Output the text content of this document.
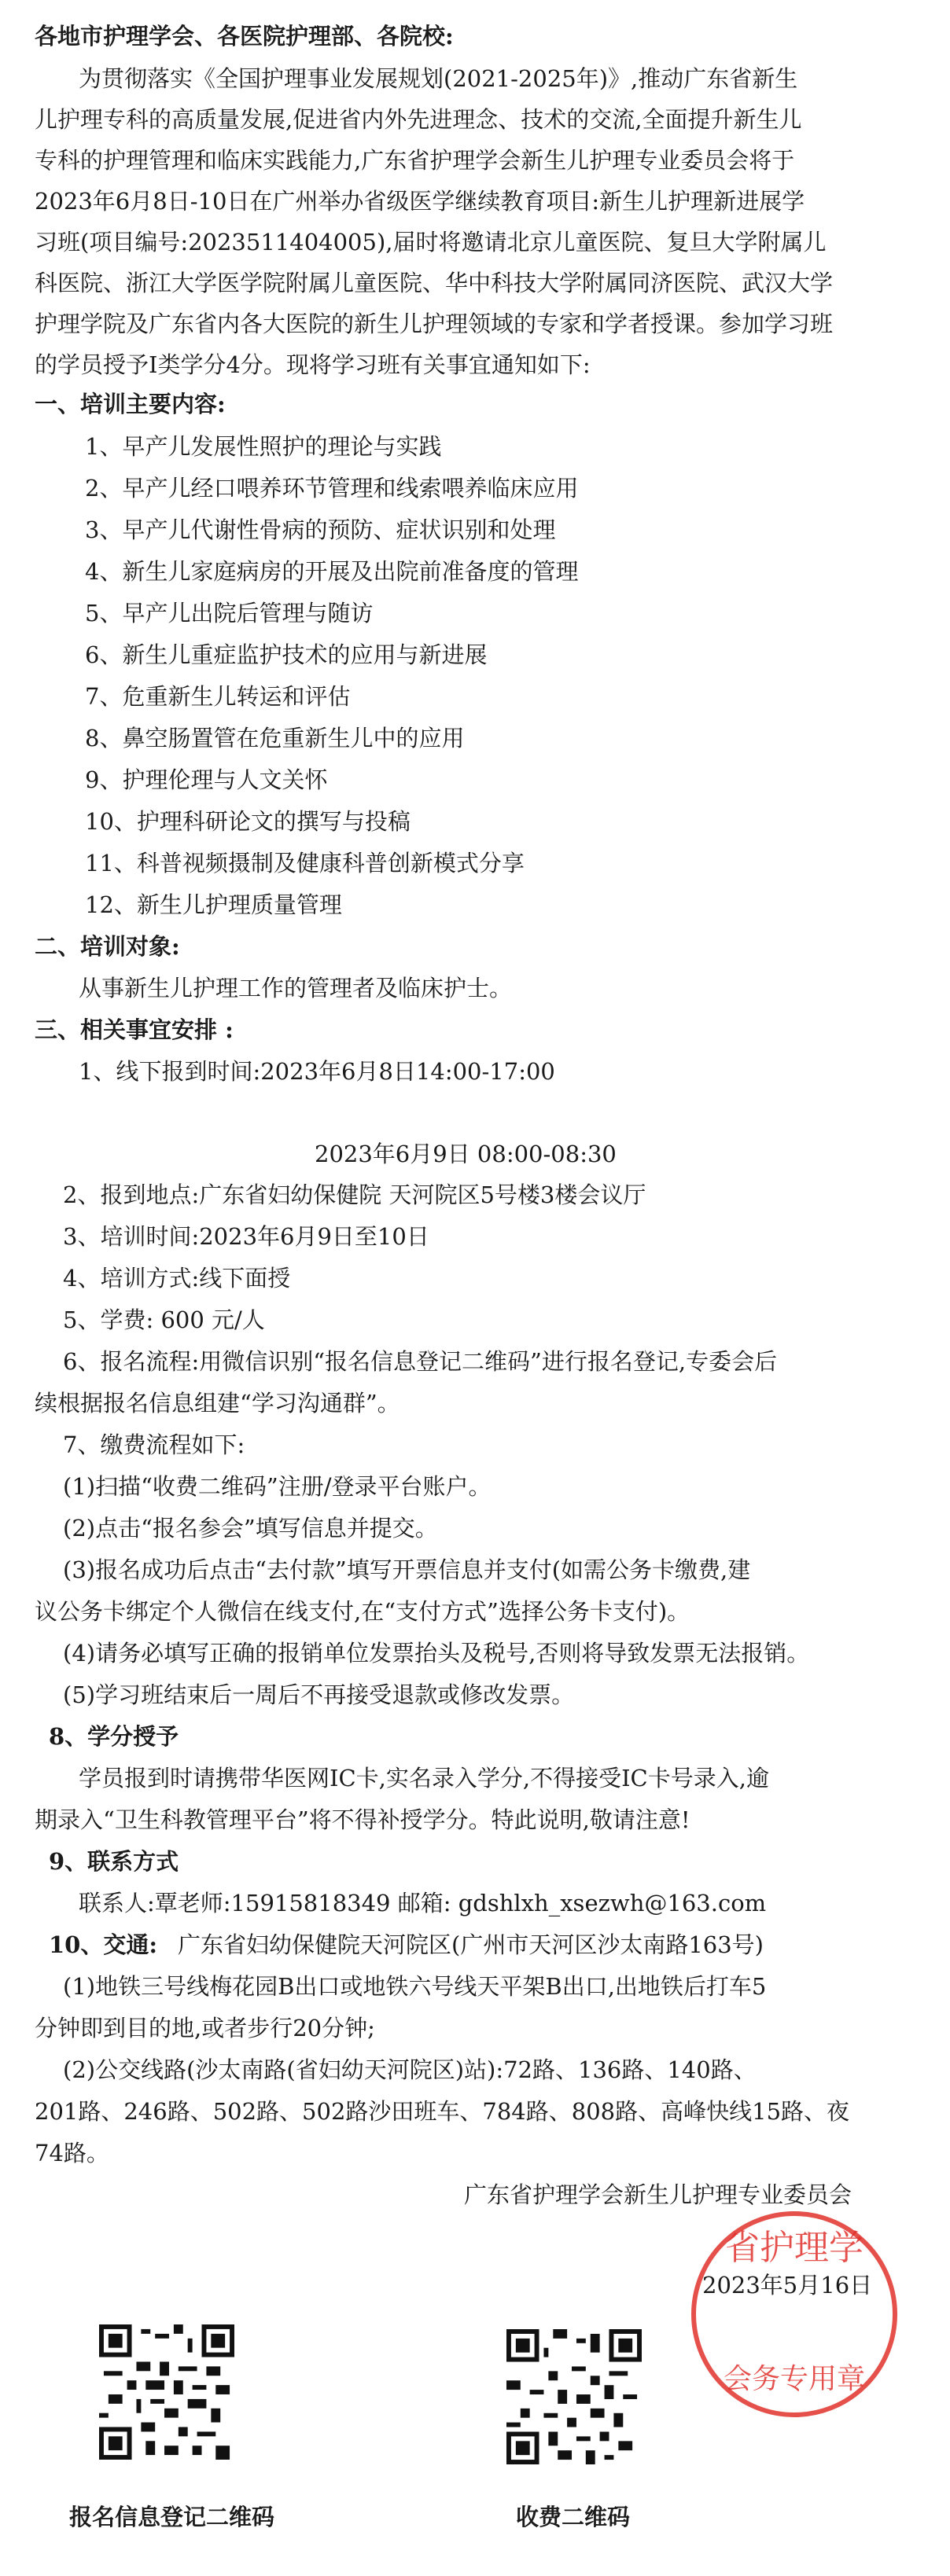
各地市护理学会、各医院护理部、各院校:
为贯彻落实《全国护理事业发展规划(2021-2025年)》,推动广东省新生
儿护理专科的高质量发展,促进省内外先进理念、技术的交流,全面提升新生儿
专科的护理管理和临床实践能力,广东省护理学会新生儿护理专业委员会将于
2023年6月8日-10日在广州举办省级医学继续教育项目:新生儿护理新进展学
习班(项目编号:2023511404005),届时将邀请北京儿童医院、复旦大学附属儿
科医院、浙江大学医学院附属儿童医院、华中科技大学附属同济医院、武汉大学
护理学院及广东省内各大医院的新生儿护理领域的专家和学者授课。参加学习班
的学员授予I类学分4分。现将学习班有关事宜通知如下:
一、培训主要内容:
1、早产儿发展性照护的理论与实践
2、早产儿经口喂养环节管理和线索喂养临床应用
3、早产儿代谢性骨病的预防、症状识别和处理
4、新生儿家庭病房的开展及出院前准备度的管理
5、早产儿出院后管理与随访
6、新生儿重症监护技术的应用与新进展
7、危重新生儿转运和评估
8、鼻空肠置管在危重新生儿中的应用
9、护理伦理与人文关怀
10、护理科研论文的撰写与投稿
11、科普视频摄制及健康科普创新模式分享
12、新生儿护理质量管理
二、培训对象:
从事新生儿护理工作的管理者及临床护士。
三、相关事宜安排 :
1、线下报到时间:2023年6月8日14:00-17:00
2023年6月9日 08:00-08:30
2、报到地点:广东省妇幼保健院 天河院区5号楼3楼会议厅
3、培训时间:2023年6月9日至10日
4、培训方式:线下面授
5、学费: 600 元/人
6、报名流程:用微信识别“报名信息登记二维码”进行报名登记,专委会后
续根据报名信息组建“学习沟通群”。
7、缴费流程如下:
(1)扫描“收费二维码”注册/登录平台账户。
(2)点击“报名参会”填写信息并提交。
(3)报名成功后点击“去付款”填写开票信息并支付(如需公务卡缴费,建
议公务卡绑定个人微信在线支付,在“支付方式”选择公务卡支付)。
(4)请务必填写正确的报销单位发票抬头及税号,否则将导致发票无法报销。
(5)学习班结束后一周后不再接受退款或修改发票。
8、学分授予
学员报到时请携带华医网IC卡,实名录入学分,不得接受IC卡号录入,逾
期录入“卫生科教管理平台”将不得补授学分。特此说明,敬请注意!
9、联系方式
联系人:覃老师:15915818349 邮箱: gdshlxh_xsezwh@163.com
10、交通: 广东省妇幼保健院天河院区(广州市天河区沙太南路163号)
(1)地铁三号线梅花园B出口或地铁六号线天平架B出口,出地铁后打车5
分钟即到目的地,或者步行20分钟;
(2)公交线路(沙太南路(省妇幼天河院区)站):72路、136路、140路、
201路、246路、502路、502路沙田班车、784路、808路、高峰快线15路、夜
74路。
广东省护理学会新生儿护理专业委员会
2023年5月16日
省护理学
会务专用章
报名信息登记二维码	收费二维码
